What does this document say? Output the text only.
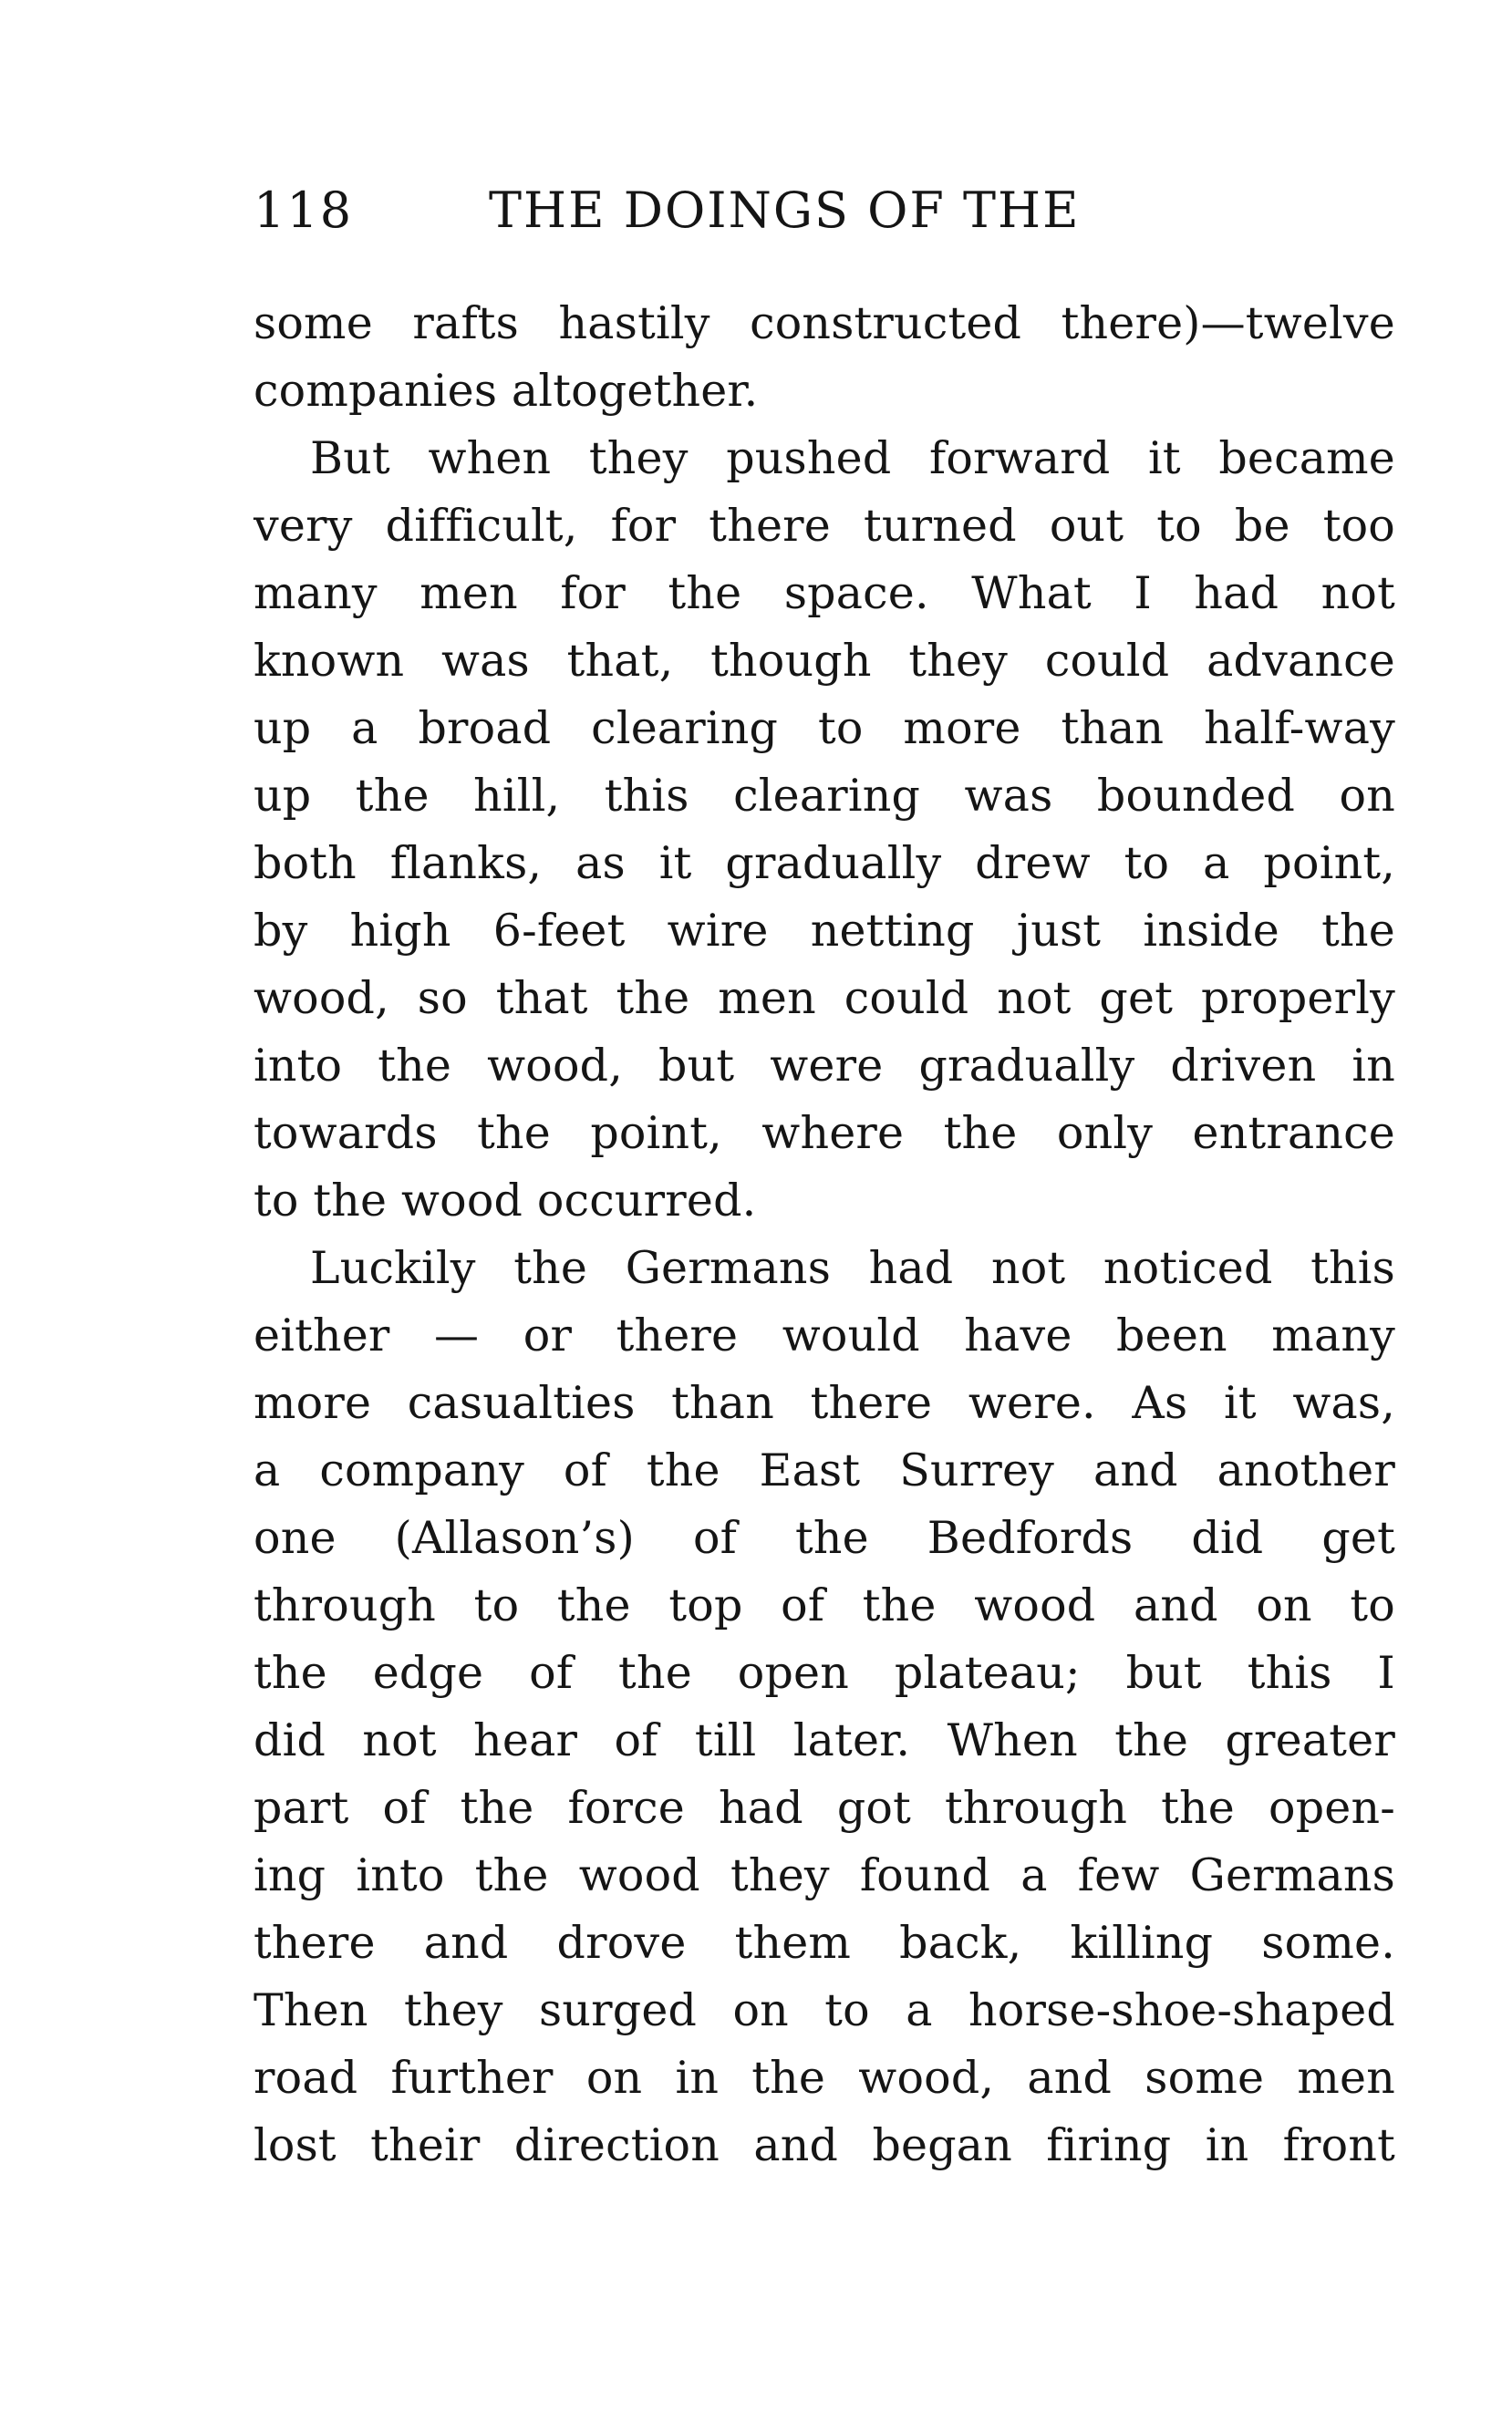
118	THE DOINGS OF THE
some rafts hastily constructed there)—twelve
companies altogether.
But when they pushed forward it became
very difficult, for there turned out to be too
many men for the space. What I had not
known was that, though they could advance
up a broad clearing to more than half-way
up the hill, this clearing was bounded on
both flanks, as it gradually drew to a point,
by high 6-feet wire netting just inside the
wood, so that the men could not get properly
into the wood, but were gradually driven in
towards the point, where the only entrance
to the wood occurred.
Luckily the Germans had not noticed this
either — or there would have been many
more casualties than there were. As it was,
a company of the East Surrey and another
one (Allason’s) of the Bedfords did get
through to the top of the wood and on to
the edge of the open plateau; but this I
did not hear of till later. When the greater
part of the force had got through the open-
ing into the wood they found a few Germans
there and drove them back, killing some.
Then they surged on to a horse-shoe-shaped
road further on in the wood, and some men
lost their direction and began firing in front
